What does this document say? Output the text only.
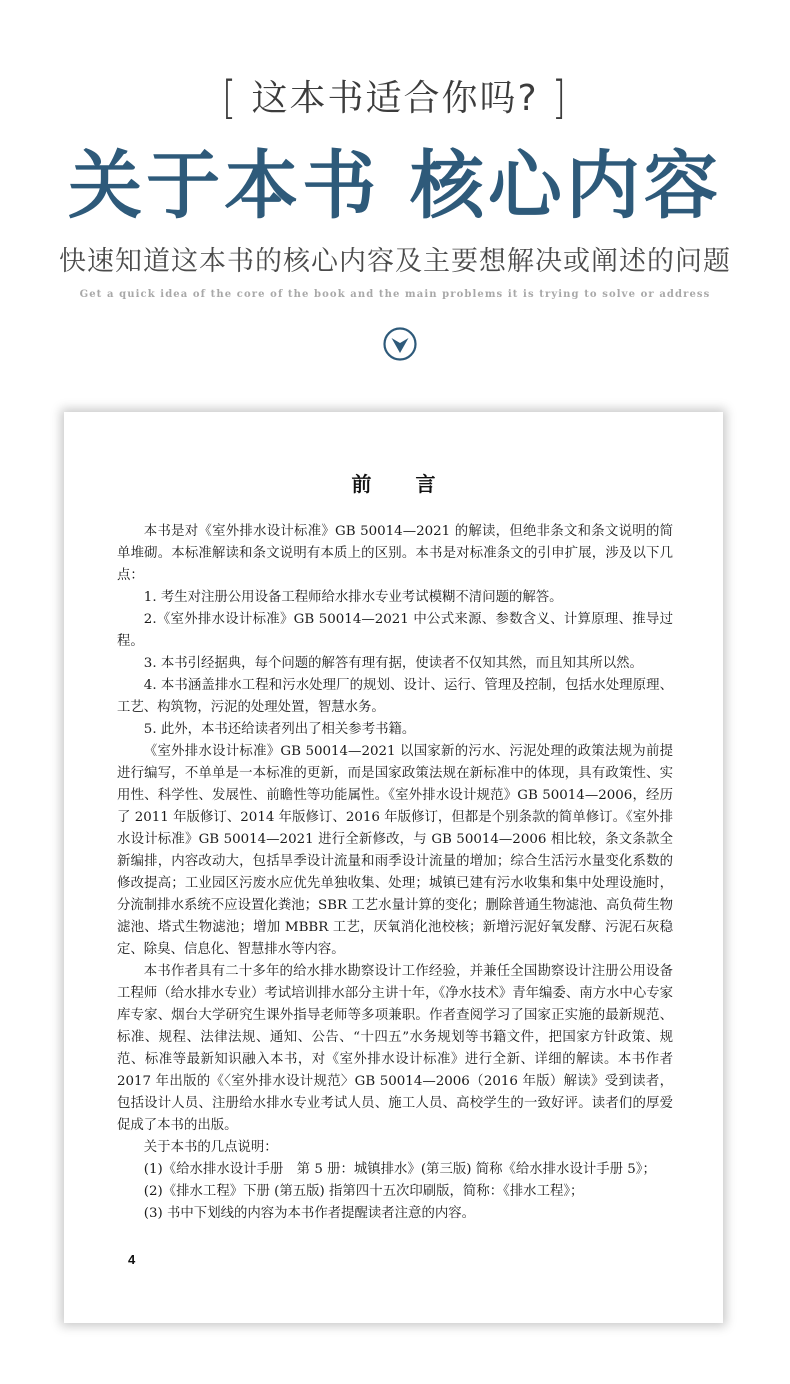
[ 这本书适合你吗? ]
关于本书 核心内容
快速知道这本书的核心内容及主要想解决或阐述的问题
Get a quick idea of the core of the book and the main problems it is trying to solve or address
前言

本书是对《室外排水设计标准》GB 50014—2021 的解读，但绝非条文和条文说明的简单堆砌。本标准解读和条文说明有本质上的区别。本书是对标准条文的引申扩展，涉及以下几点：

1. 考生对注册公用设备工程师给水排水专业考试模糊不清问题的解答。

2.《室外排水设计标准》GB 50014—2021 中公式来源、参数含义、计算原理、推导过程。

3. 本书引经据典，每个问题的解答有理有据，使读者不仅知其然，而且知其所以然。

4. 本书涵盖排水工程和污水处理厂的规划、设计、运行、管理及控制，包括水处理原理、工艺、构筑物，污泥的处理处置，智慧水务。

5. 此外，本书还给读者列出了相关参考书籍。

《室外排水设计标准》GB 50014—2021 以国家新的污水、污泥处理的政策法规为前提进行编写，不单单是一本标准的更新，而是国家政策法规在新标准中的体现，具有政策性、实用性、科学性、发展性、前瞻性等功能属性。《室外排水设计规范》GB 50014—2006，经历了 2011 年版修订、2014 年版修订、2016 年版修订，但都是个别条款的简单修订。《室外排水设计标准》GB 50014—2021 进行全新修改，与 GB 50014—2006 相比较，条文条款全新编排，内容改动大，包括旱季设计流量和雨季设计流量的增加；综合生活污水量变化系数的修改提高；工业园区污废水应优先单独收集、处理；城镇已建有污水收集和集中处理设施时，分流制排水系统不应设置化粪池；SBR 工艺水量计算的变化；删除普通生物滤池、高负荷生物滤池、塔式生物滤池；增加 MBBR 工艺，厌氧消化池校核；新增污泥好氧发酵、污泥石灰稳定、除臭、信息化、智慧排水等内容。

本书作者具有二十多年的给水排水勘察设计工作经验，并兼任全国勘察设计注册公用设备工程师（给水排水专业）考试培训排水部分主讲十年，《净水技术》青年编委、南方水中心专家库专家、烟台大学研究生课外指导老师等多项兼职。作者查阅学习了国家正实施的最新规范、标准、规程、法律法规、通知、公告、“十四五”水务规划等书籍文件，把国家方针政策、规范、标准等最新知识融入本书，对《室外排水设计标准》进行全新、详细的解读。本书作者 2017 年出版的《〈室外排水设计规范〉GB 50014—2006（2016 年版）解读》受到读者，包括设计人员、注册给水排水专业考试人员、施工人员、高校学生的一致好评。读者们的厚爱促成了本书的出版。

关于本书的几点说明：

(1)《给水排水设计手册　第 5 册：城镇排水》(第三版) 简称《给水排水设计手册 5》；

(2)《排水工程》下册 (第五版) 指第四十五次印刷版，简称：《排水工程》；

(3) 书中下划线的内容为本书作者提醒读者注意的内容。

4
